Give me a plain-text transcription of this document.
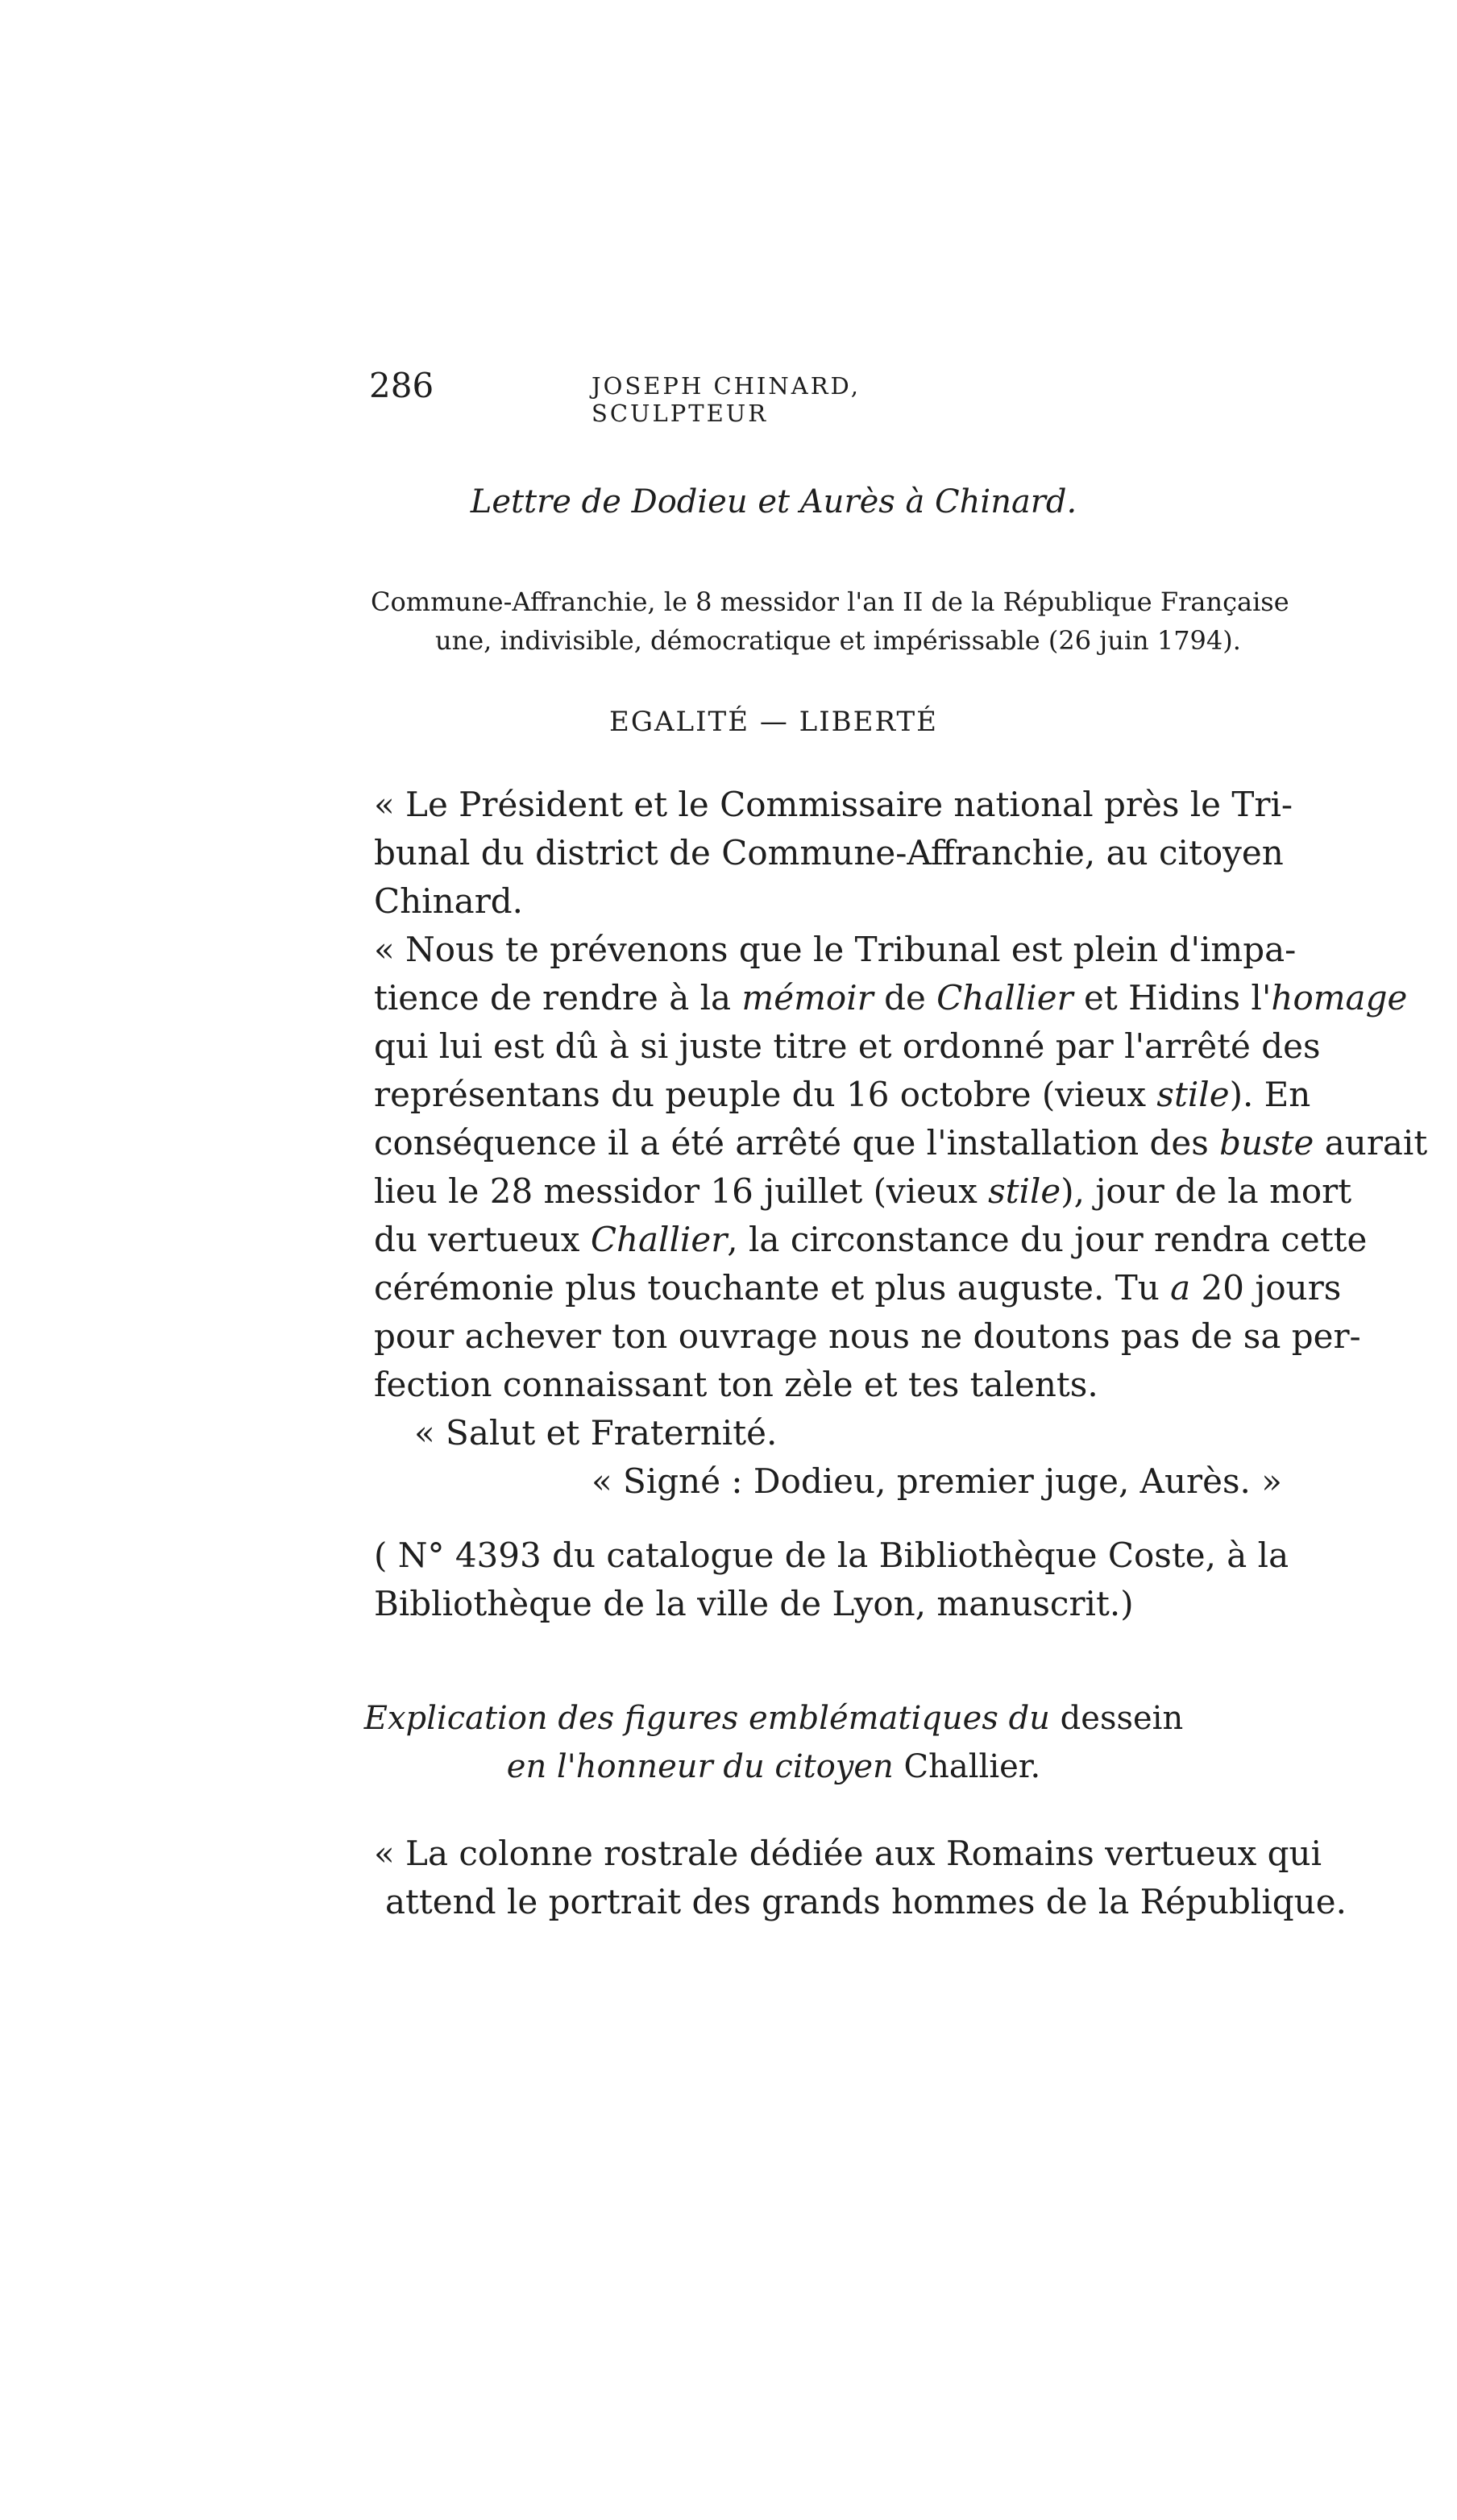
286	JOSEPH CHINARD, SCULPTEUR
Lettre de Dodieu et Aurès à Chinard.
Commune-Affranchie, le 8 messidor l'an II de la République Française
une, indivisible, démocratique et impérissable (26 juin 1794).
EGALITÉ — LIBERTÉ
« Le Président et le Commissaire national près le Tri-
bunal du district de Commune-Affranchie, au citoyen
Chinard.
« Nous te prévenons que le Tribunal est plein d'impa-
tience de rendre à la mémoir de Challier et Hidins l'homage
qui lui est dû à si juste titre et ordonné par l'arrêté des
représentans du peuple du 16 octobre (vieux stile). En
conséquence il a été arrêté que l'installation des buste aurait
lieu le 28 messidor 16 juillet (vieux stile), jour de la mort
du vertueux Challier, la circonstance du jour rendra cette
cérémonie plus touchante et plus auguste. Tu a 20 jours
pour achever ton ouvrage nous ne doutons pas de sa per-
fection connaissant ton zèle et tes talents.
« Salut et Fraternité.
« Signé : Dodieu, premier juge, Aurès. »
( N° 4393 du catalogue de la Bibliothèque Coste, à la
Bibliothèque de la ville de Lyon, manuscrit.)
Explication des figures emblématiques du dessein
en l'honneur du citoyen Challier.
« La colonne rostrale dédiée aux Romains vertueux qui
attend le portrait des grands hommes de la République.
